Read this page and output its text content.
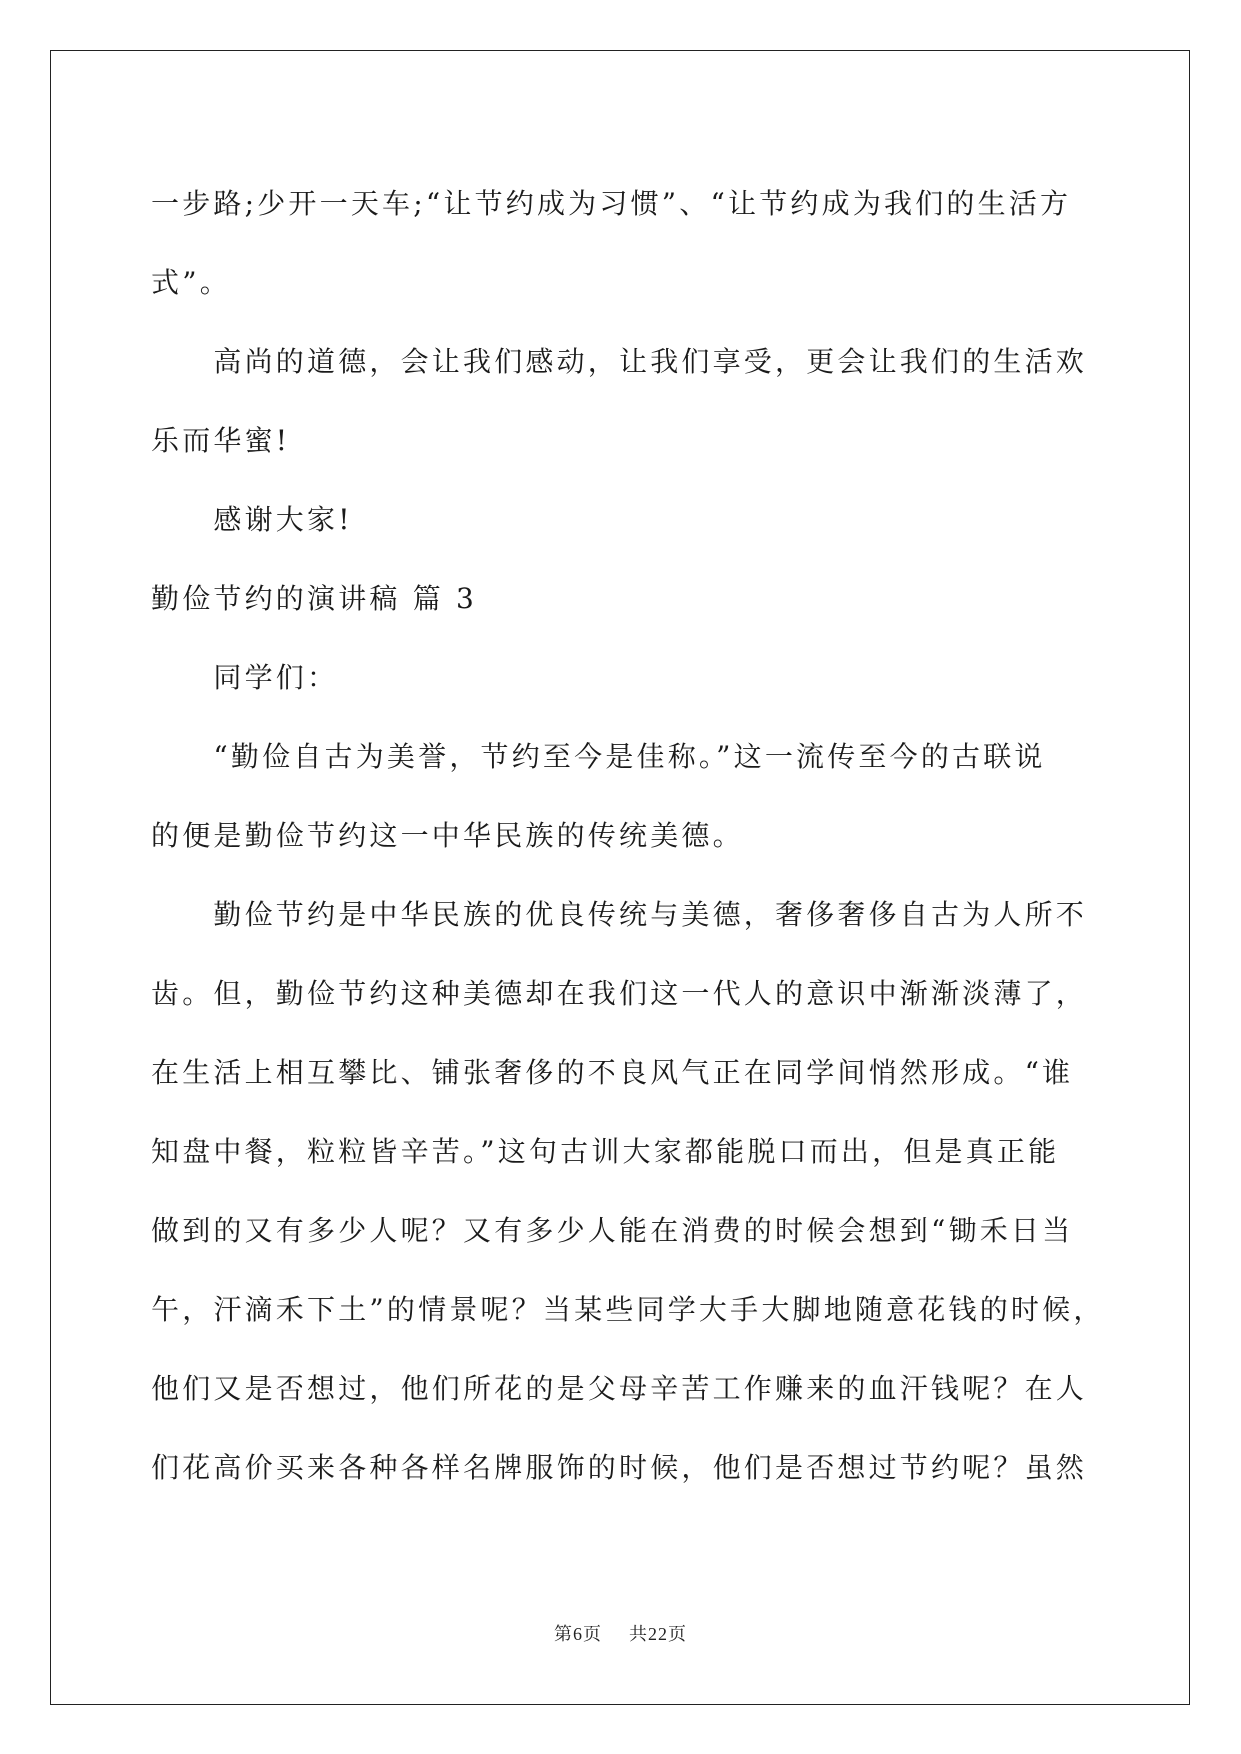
一步路;少开一天车;“让节约成为习惯”、“让节约成为我们的生活方
式”。
　　高尚的道德，会让我们感动，让我们享受，更会让我们的生活欢
乐而华蜜!
　　感谢大家!
勤俭节约的演讲稿 篇 3
　　同学们：
　　“勤俭自古为美誉，节约至今是佳称。”这一流传至今的古联说
的便是勤俭节约这一中华民族的传统美德。
　　勤俭节约是中华民族的优良传统与美德，奢侈奢侈自古为人所不
齿。但，勤俭节约这种美德却在我们这一代人的意识中渐渐淡薄了，
在生活上相互攀比、铺张奢侈的不良风气正在同学间悄然形成。“谁
知盘中餐，粒粒皆辛苦。”这句古训大家都能脱口而出，但是真正能
做到的又有多少人呢？又有多少人能在消费的时候会想到“锄禾日当
午，汗滴禾下土”的情景呢？当某些同学大手大脚地随意花钱的时候，
他们又是否想过，他们所花的是父母辛苦工作赚来的血汗钱呢？在人
们花高价买来各种各样名牌服饰的时候，他们是否想过节约呢？虽然
第6页 共22页
